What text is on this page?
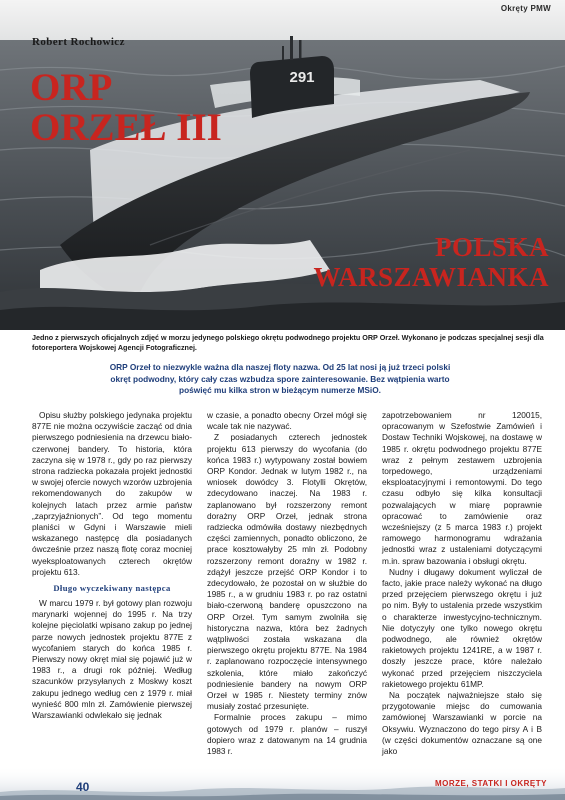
291
Okręty PMW
Robert Rochowicz
ORP
ORZEŁ III
POLSKA
WARSZAWIANKA

Jedno z pierwszych oficjalnych zdjęć w morzu jedynego polskiego okrętu podwodnego projektu ORP Orzeł. Wykonano je podczas specjalnej sesji dla fotoreportera Wojskowej Agencji Fotograficznej.

ORP Orzeł to niezwykle ważna dla naszej floty nazwa. Od 25 lat nosi ją już trzeci polski okręt podwodny, który cały czas wzbudza spore zainteresowanie. Bez wątpienia warto poświęć mu kilka stron w bieżącym numerze MSiO.

Opisu służby polskiego jedynaka projektu 877E nie można oczywiście zacząć od dnia pierwszego podniesienia na drzewcu biało-czerwonej bandery. To historia, która zaczyna się w 1978 r., gdy po raz pierwszy strona radziecka pokazała projekt jednostki w swojej ofercie nowych wzorów uzbrojenia rekomendowanych do zakupów w kolejnych latach przez armie państw „zaprzyjaźnionych”. Od tego momentu planiści w Gdyni i Warszawie mieli wskazanego następcę dla posiadanych ówcześnie przez naszą flotę coraz mocniej wyeksploatowanych czterech okrętów projektu 613.

Długo wyczekiwany następca

W marcu 1979 r. był gotowy plan rozwoju marynarki wojennej do 1995 r. Na trzy kolejne pięciolatki wpisano zakup po jednej parze nowych jednostek projektu 877E z wycofaniem starych do końca 1985 r. Pierwszy nowy okręt miał się pojawić już w 1983 r., a drugi rok później. Według szacunków przysyłanych z Moskwy koszt zakupu jednego według cen z 1979 r. miał wynieść 800 mln zł. Zamówienie pierwszej Warszawianki odwlekało się jednak

w czasie, a ponadto obecny Orzeł mógł się wcale tak nie nazywać.

Z posiadanych czterech jednostek projektu 613 pierwszy do wycofania (do końca 1983 r.) wytypowany został bowiem ORP Kondor. Jednak w lutym 1982 r., na wniosek dowódcy 3. Flotylli Okrętów, zdecydowano inaczej. Na 1983 r. zaplanowano był rozszerzony remont dorażny ORP Orzeł, jednak strona radziecka odmówiła dostawy niezbędnych części zamiennych, ponadto obliczono, że prace kosztowałyby 25 mln zł. Podobny rozszerzony remont doraźny w 1982 r. zdążył jeszcze przejść ORP Kondor i to zdecydowało, że pozostał on w służbie do 1985 r., a w grudniu 1983 r. po raz ostatni biało-czerwoną banderę opuszczono na ORP Orzeł. Tym samym zwolniła się historyczna nazwa, która bez żadnych wątpliwości została wskazana dla pierwszego okrętu projektu 877E. Na 1984 r. zaplanowano rozpoczęcie intensywnego szkolenia, które miało zakończyć podniesienie bandery na nowym ORP Orzeł w 1985 r. Niestety terminy znów musiały zostać przesunięte.

Formalnie proces zakupu – mimo gotowych od 1979 r. planów – ruszył dopiero wraz z datowanym na 14 grudnia 1983 r.

zapotrzebowaniem nr 120015, opracowanym w Szefostwie Zamówień i Dostaw Techniki Wojskowej, na dostawę w 1985 r. okrętu podwodnego projektu 877E wraz z pełnym zestawem uzbrojenia torpedowego, urządzeniami eksploatacyjnymi i remontowymi. Do tego czasu odbyło się kilka konsultacji pozwalających w miarę poprawnie opracować to zamówienie oraz wcześniejszy (z 5 marca 1983 r.) projekt ramowego harmonogramu wdrażania jednostki wraz z ustaleniami dotyczącymi m.in. spraw bazowania i obsługi okrętu.

Nudny i długawy dokument wyliczał de facto, jakie prace należy wykonać na długo przed przejęciem pierwszego okrętu i już po nim. Były to ustalenia przede wszystkim o charakterze inwestycyjno-technicznym. Nie dotyczyły one tylko nowego okrętu podwodnego, ale również okrętów rakietowych projektu 1241RE, a w 1987 r. doszły jeszcze prace, które należało wykonać przed przejęciem niszczyciela rakietowego projektu 61MP.

Na początek najważniejsze stało się przygotowanie miejsc do cumowania zamówionej Warszawianki w porcie na Oksywiu. Wyznaczono do tego pirsy A i B (w części dokumentów oznaczane są one jako

40	MORZE, STATKI I OKRĘTY
